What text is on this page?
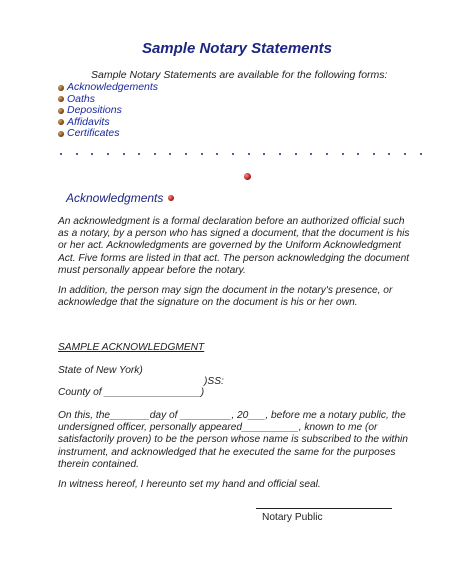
Sample Notary Statements
Sample Notary Statements are available for the following forms:
Acknowledgements
Oaths
Depositions
Affidavits
Certificates
Acknowledgments
An acknowledgment is a formal declaration before an authorized official such
as a notary, by a person who has signed a document, that the document is his
or her act. Acknowledgments are governed by the Uniform Acknowledgment
Act. Five forms are listed in that act. The person acknowledging the document
must personally appear before the notary.
In addition, the person may sign the document in the notary's presence, or
acknowledge that the signature on the document is his or her own.
SAMPLE ACKNOWLEDGMENT
State of New York)
)SS:
County of _________________)
On this, the_______day of _________, 20___, before me a notary public, the
undersigned officer, personally appeared__________, known to me (or
satisfactorily proven) to be the person whose name is subscribed to the within
instrument, and acknowledged that he executed the same for the purposes
therein contained.
In witness hereof, I hereunto set my hand and official seal.
Notary Public
